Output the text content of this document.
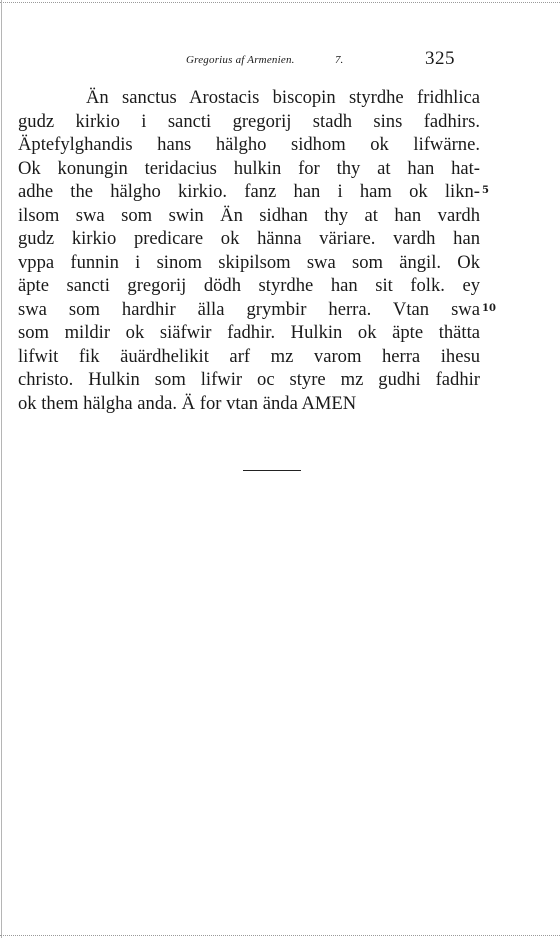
Gregorius af Armenien.	7.	325
Än sanctus Arostacis biscopin styrdhe fridhlica
gudz kirkio i sancti gregorij stadh sins fadhirs.
Äptefylghandis hans hälgho sidhom ok lifwärne.
Ok konungin teridacius hulkin for thy at han hat-
adhe the hälgho kirkio. fanz han i ham ok likn-
ilsom swa som swin Än sidhan thy at han vardh
gudz kirkio predicare ok hänna väriare. vardh han
vppa funnin i sinom skipilsom swa som ängil. Ok
äpte sancti gregorij dödh styrdhe han sit folk. ey
swa som hardhir älla grymbir herra. Vtan swa
som mildir ok siäfwir fadhir. Hulkin ok äpte thätta
lifwit fik äuärdhelikit arf mz varom herra ihesu
christo. Hulkin som lifwir oc styre mz gudhi fadhir
ok them hälgha anda. Ä for vtan ända AMEN
5
10
